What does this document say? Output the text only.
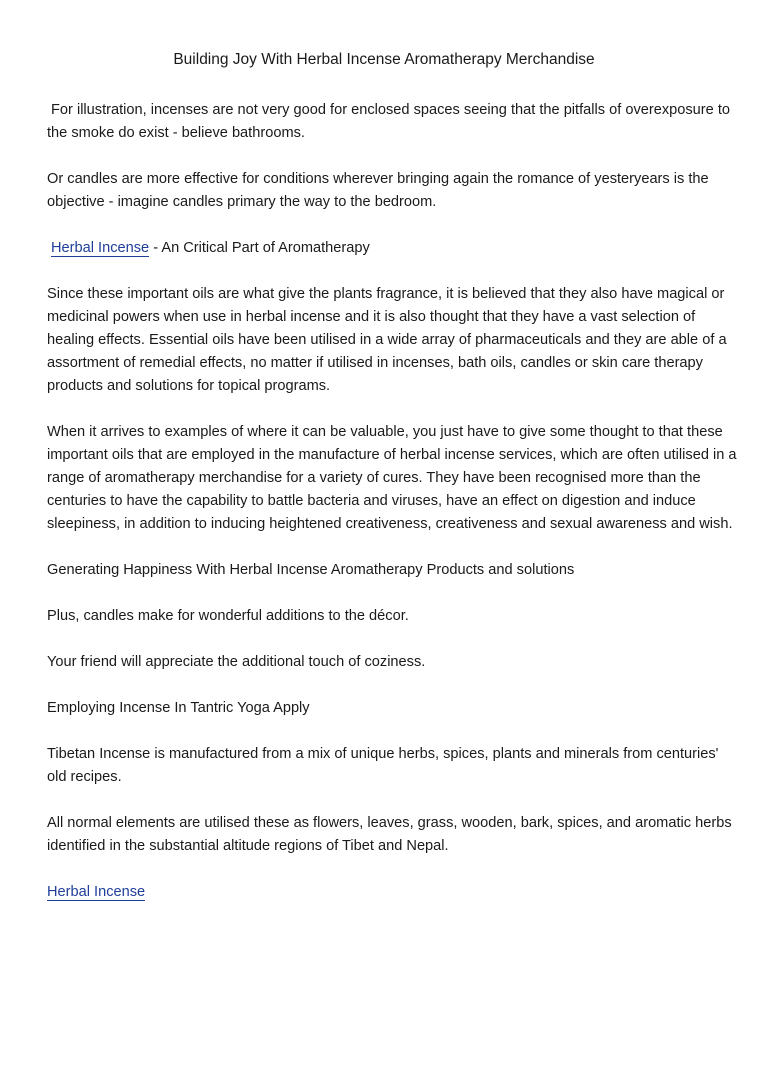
Building Joy With Herbal Incense Aromatherapy Merchandise

For illustration, incenses are not very good for enclosed spaces seeing that the pitfalls of overexposure to the smoke do exist - believe bathrooms.

Or candles are more effective for conditions wherever bringing again the romance of yesteryears is the objective - imagine candles primary the way to the bedroom.

Herbal Incense - An Critical Part of Aromatherapy

Since these important oils are what give the plants fragrance, it is believed that they also have magical or medicinal powers when use in herbal incense and it is also thought that they have a vast selection of healing effects. Essential oils have been utilised in a wide array of pharmaceuticals and they are able of a assortment of remedial effects, no matter if utilised in incenses, bath oils, candles or skin care therapy products and solutions for topical programs.

When it arrives to examples of where it can be valuable, you just have to give some thought to that these important oils that are employed in the manufacture of herbal incense services, which are often utilised in a range of aromatherapy merchandise for a variety of cures. They have been recognised more than the centuries to have the capability to battle bacteria and viruses, have an effect on digestion and induce sleepiness, in addition to inducing heightened creativeness, creativeness and sexual awareness and wish.

Generating Happiness With Herbal Incense Aromatherapy Products and solutions

Plus, candles make for wonderful additions to the décor.

Your friend will appreciate the additional touch of coziness.

Employing Incense In Tantric Yoga Apply

Tibetan Incense is manufactured from a mix of unique herbs, spices, plants and minerals from centuries' old recipes.

All normal elements are utilised these as flowers, leaves, grass, wooden, bark, spices, and aromatic herbs identified in the substantial altitude regions of Tibet and Nepal.

Herbal Incense
